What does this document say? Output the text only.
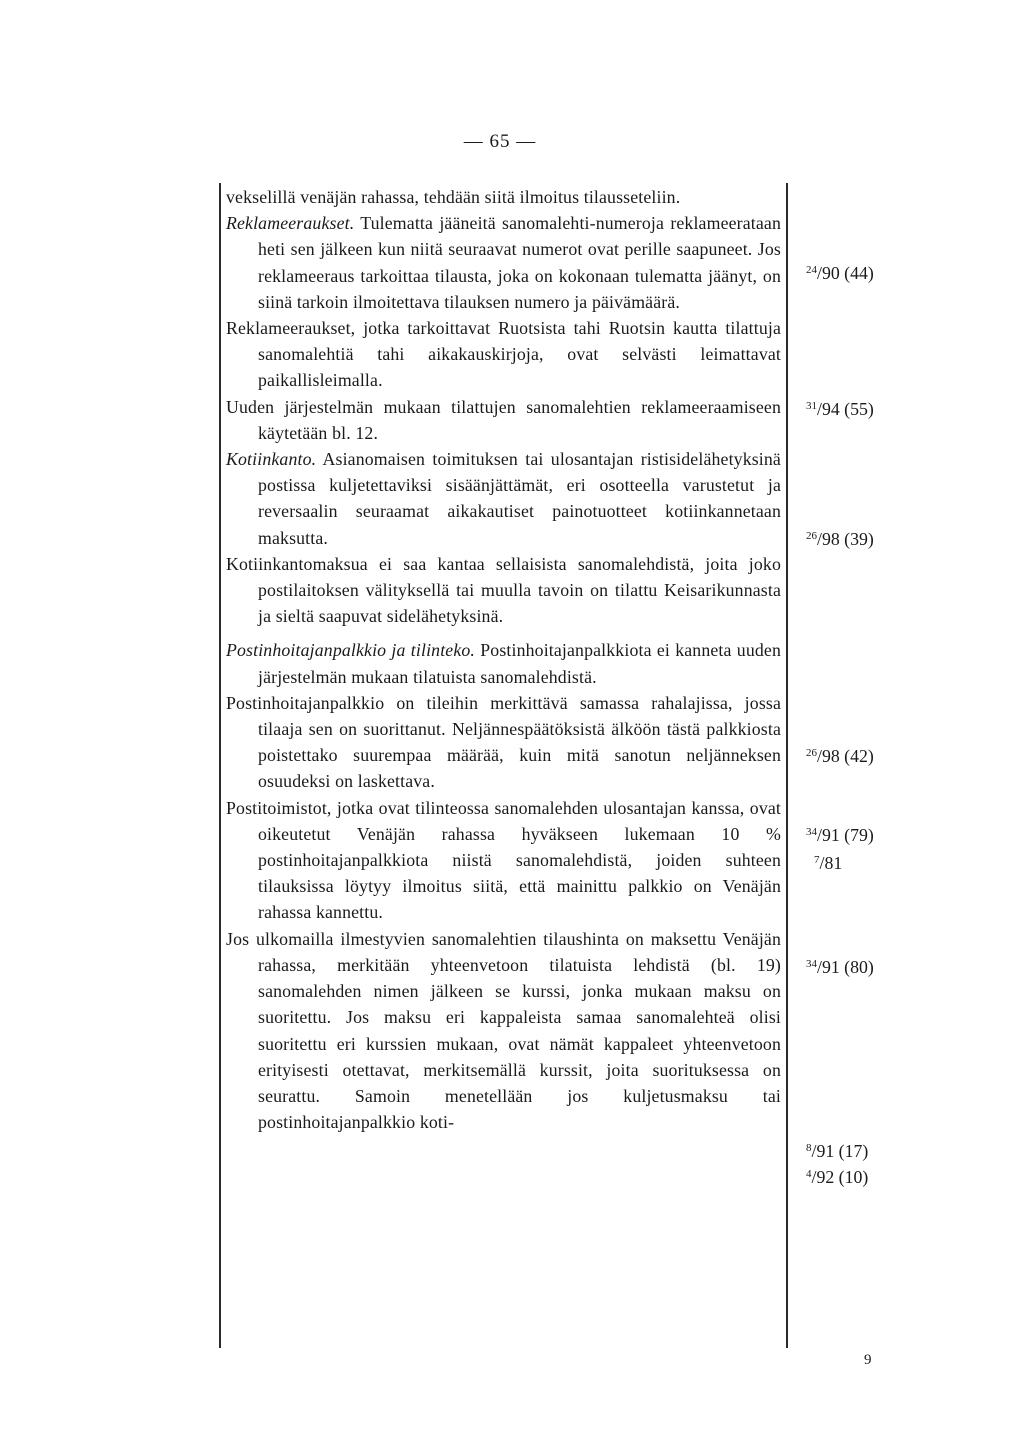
— 65 —

vekselillä venäjän rahassa, tehdään siitä ilmoitus tilausseteliin.

Reklameeraukset. Tulematta jääneitä sanomalehti-numeroja reklameerataan heti sen jälkeen kun niitä seuraavat numerot ovat perille saapuneet. Jos reklameeraus tarkoittaa tilausta, joka on kokonaan tulematta jäänyt, on siinä tarkoin ilmoitettava tilauksen numero ja päivämäärä.

Reklameeraukset, jotka tarkoittavat Ruotsista tahi Ruotsin kautta tilattuja sanomalehtiä tahi aikakauskirjoja, ovat selvästi leimattavat paikallisleimalla.

Uuden järjestelmän mukaan tilattujen sanomalehtien reklameeraamiseen käytetään bl. 12.

Kotiinkanto. Asianomaisen toimituksen tai ulosantajan ristisidelähetyksinä postissa kuljetettaviksi sisäänjättämät, eri osotteella varustetut ja reversaalin seuraamat aikakautiset painotuotteet kotiinkannetaan maksutta.

Kotiinkantomaksua ei saa kantaa sellaisista sanomalehdistä, joita joko postilaitoksen välityksellä tai muulla tavoin on tilattu Keisarikunnasta ja sieltä saapuvat sidelähetyksinä.

Postinhoitajanpalkkio ja tilinteko. Postinhoitajanpalkkiota ei kanneta uuden järjestelmän mukaan tilatuista sanomalehdistä.

Postinhoitajanpalkkio on tileihin merkittävä samassa rahalajissa, jossa tilaaja sen on suorittanut. Neljännespäätöksistä älköön tästä palkkiosta poistettako suurempaa määrää, kuin mitä sanotun neljänneksen osuudeksi on laskettava.

Postitoimistot, jotka ovat tilinteossa sanomalehden ulosantajan kanssa, ovat oikeutetut Venäjän rahassa hyväkseen lukemaan 10 % postinhoitajanpalkkiota niistä sanomalehdistä, joiden suhteen tilauksissa löytyy ilmoitus siitä, että mainittu palkkio on Venäjän rahassa kannettu.

Jos ulkomailla ilmestyvien sanomalehtien tilaushinta on maksettu Venäjän rahassa, merkitään yhteenvetoon tilatuista lehdistä (bl. 19) sanomalehden nimen jälkeen se kurssi, jonka mukaan maksu on suoritettu. Jos maksu eri kappaleista samaa sanomalehteä olisi suoritettu eri kurssien mukaan, ovat nämät kappaleet yhteenvetoon erityisesti otettavat, merkitsemällä kurssit, joita suorituksessa on seurattu. Samoin menetellään jos kuljetusmaksu tai postinhoitajanpalkkio koti-

$^{24}$/90 (44)
$^{31}$/94 (55)
$^{26}$/98 (39)
$^{26}$/98 (42)
$^{34}$/91 (79)
$^7$/81
$^{34}$/91 (80)
$^8$/91 (17)
$^4$/92 (10)
9
